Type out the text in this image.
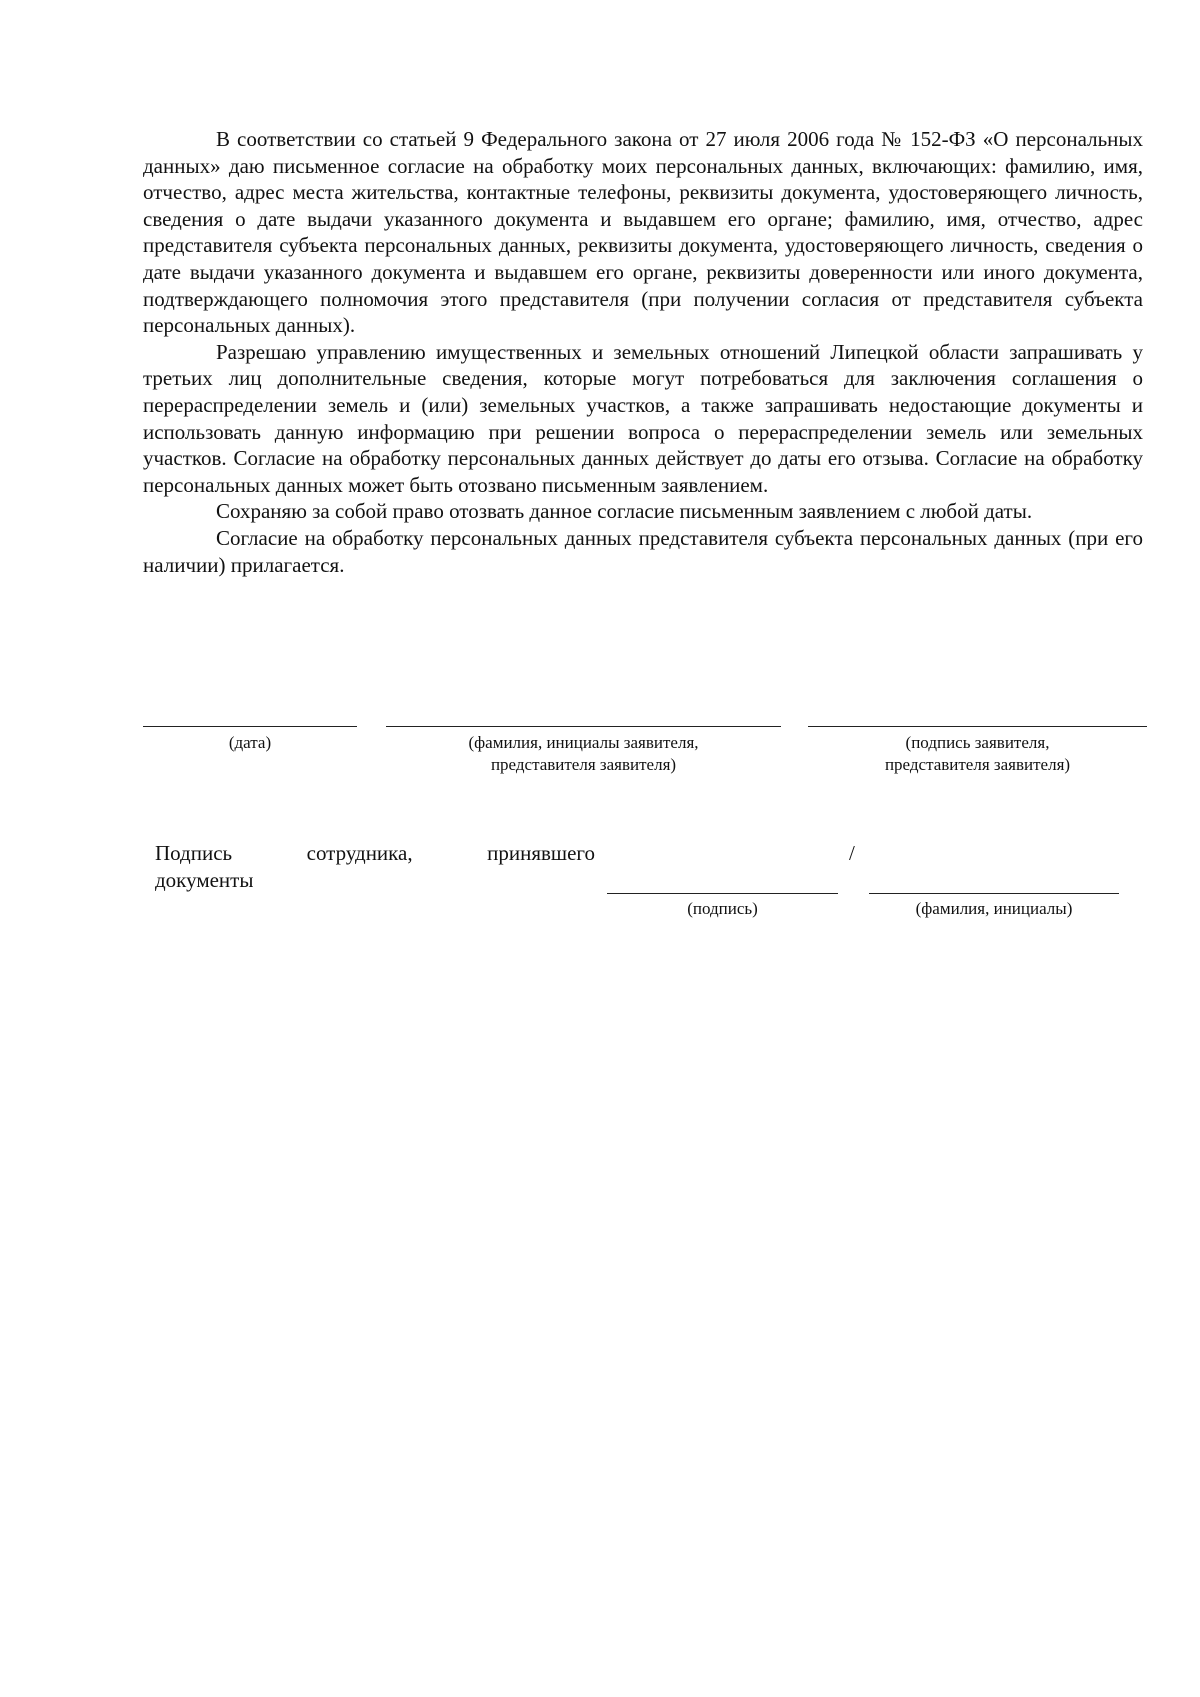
В соответствии со статьей 9 Федерального закона от 27 июля 2006 года № 152-ФЗ «О персональных данных» даю письменное согласие на обработку моих персональных данных, включающих: фамилию, имя, отчество, адрес места жительства, контактные телефоны, реквизиты документа, удостоверяющего личность, сведения о дате выдачи указанного документа и выдавшем его органе; фамилию, имя, отчество, адрес представителя субъекта персональных данных, реквизиты документа, удостоверяющего личность, сведения о дате выдачи указанного документа и выдавшем его органе, реквизиты доверенности или иного документа, подтверждающего полномочия этого представителя (при получении согласия от представителя субъекта персональных данных).

Разрешаю управлению имущественных и земельных отношений Липецкой области запрашивать у третьих лиц дополнительные сведения, которые могут потребоваться для заключения соглашения о перераспределении земель и (или) земельных участков, а также запрашивать недостающие документы и использовать данную информацию при решении вопроса о перераспределении земель или земельных участков. Согласие на обработку персональных данных действует до даты его отзыва. Согласие на обработку персональных данных может быть отозвано письменным заявлением.

Сохраняю за собой право отозвать данное согласие письменным заявлением с любой даты.

Согласие на обработку персональных данных представителя субъекта персональных данных (при его наличии) прилагается.

(дата)	(фамилия, инициалы заявителя,
представителя заявителя)
(подпись заявителя,
представителя заявителя)
Подпись	сотрудника,	принявшего
документы
/
(подпись)	(фамилия, инициалы)
